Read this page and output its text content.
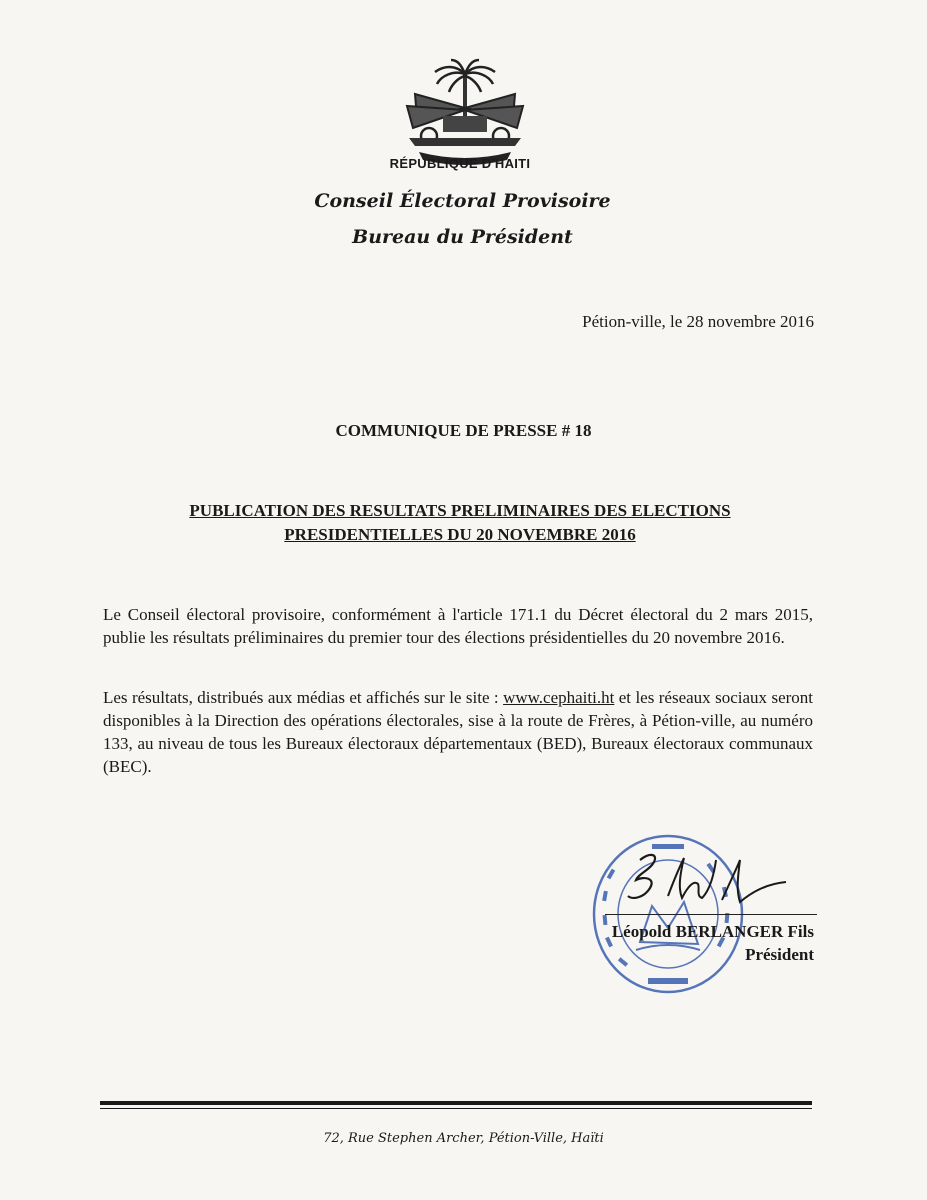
RÉPUBLIQUE D'HAITI
Conseil Électoral Provisoire
Bureau du Président
Pétion-ville, le 28 novembre 2016
COMMUNIQUE DE PRESSE # 18
PUBLICATION DES RESULTATS PRELIMINAIRES DES ELECTIONS
PRESIDENTIELLES DU 20 NOVEMBRE 2016

Le Conseil électoral provisoire, conformément à l'article 171.1 du Décret électoral du 2 mars 2015, publie les résultats préliminaires du premier tour des élections présidentielles du 20 novembre 2016.

Les résultats, distribués aux médias et affichés sur le site : www.cephaiti.ht et les réseaux sociaux seront disponibles à la Direction des opérations électorales, sise à la route de Frères, à Pétion-ville, au numéro 133, au niveau de tous les Bureaux électoraux départementaux (BED), Bureaux électoraux communaux (BEC).

Léopold BERLANGER Fils
Président
72, Rue Stephen Archer, Pétion-Ville, Haïti
